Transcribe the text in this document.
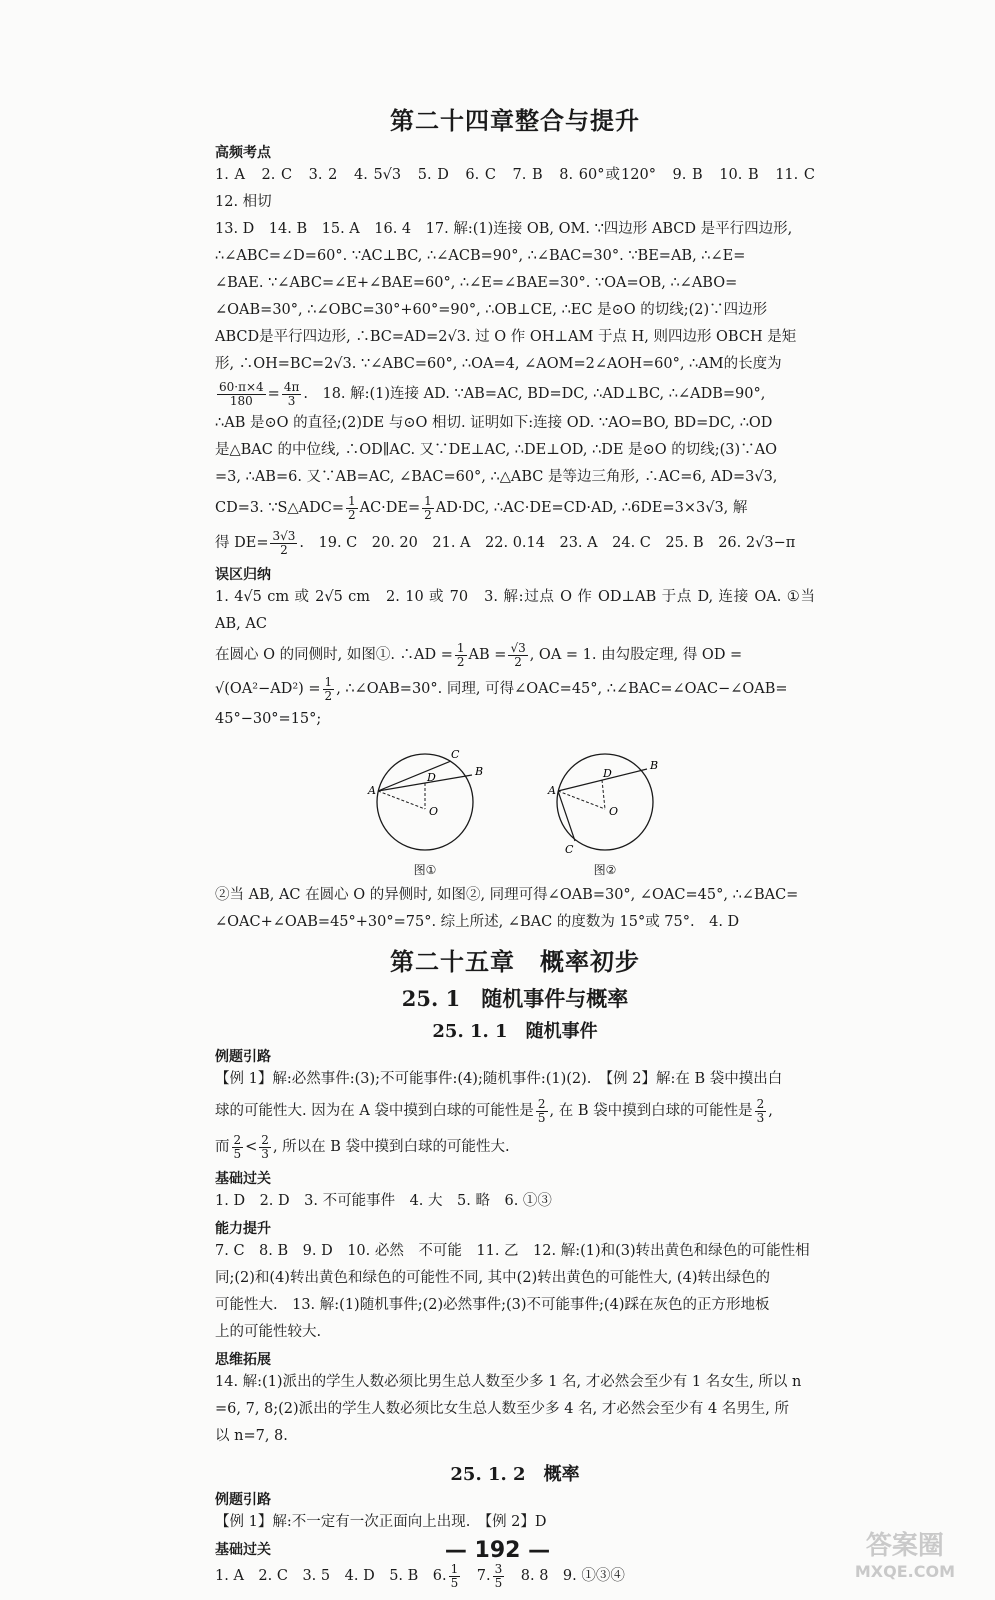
第二十四章整合与提升
高频考点

1. A　2. C　3. 2　4. 5√3　5. D　6. C　7. B　8. 60°或120°　9. B　10. B　11. C　12. 相切

13. D　14. B　15. A　16. 4　17. 解:(1)连接 OB, OM. ∵四边形 ABCD 是平行四边形,

∴∠ABC=∠D=60°. ∵AC⊥BC, ∴∠ACB=90°, ∴∠BAC=30°. ∵BE=AB, ∴∠E=

∠BAE. ∵∠ABC=∠E+∠BAE=60°, ∴∠E=∠BAE=30°. ∵OA=OB, ∴∠ABO=

∠OAB=30°, ∴∠OBC=30°+60°=90°, ∴OB⊥CE, ∴EC 是⊙O 的切线;(2)∵四边形

ABCD是平行四边形, ∴BC=AD=2√3. 过 O 作 OH⊥AM 于点 H, 则四边形 OBCH 是矩

形, ∴OH=BC=2√3. ∵∠ABC=60°, ∴OA=4, ∠AOM=2∠AOH=60°, ∴AM的长度为

$\frac{60\cdot\pi\times 4}{180} = \frac{4\pi}{3}$ .　18. 解:(1)连接 AD. ∵AB=AC, BD=DC, ∴AD⊥BC, ∴∠ADB=90°,

∴AB 是⊙O 的直径;(2)DE 与⊙O 相切. 证明如下:连接 OD. ∵AO=BO, BD=DC, ∴OD

是△BAC 的中位线, ∴OD∥AC. 又∵DE⊥AC, ∴DE⊥OD, ∴DE 是⊙O 的切线;(3)∵AO

=3, ∴AB=6. 又∵AB=AC, ∠BAC=60°, ∴△ABC 是等边三角形, ∴AC=6, AD=3√3,

CD=3. ∵S△ADC= $\frac{1}{2} AC\cdot DE= \frac{1}{2} AD\cdot DC$, ∴AC·DE=CD·AD, ∴6DE=3×3√3, 解

得 $DE= \frac{3√3}{2}$ .　19. C　20. 20　21. A　22. 0.14　23. A　24. C　25. B　26. 2√3−π

误区归纳

1. 4√5 cm 或 2√5 cm　2. 10 或 70　3. 解:过点 O 作 OD⊥AB 于点 D, 连接 OA. ①当 AB, AC

在圆心 O 的同侧时, 如图①. ∴AD = $\frac{1}{2}$ AB = $\frac{√3}{2}$ , OA = 1. 由勾股定理, 得 OD =

$√(OA^2-AD^2) = \frac{1}{2}$ , ∴∠OAB=30°. 同理, 可得∠OAC=45°, ∴∠BAC=∠OAC−∠OAB=

45°−30°=15°;

A
B
C
D
O
图①
A
B
C
D
O
图②

②当 AB, AC 在圆心 O 的异侧时, 如图②, 同理可得∠OAB=30°, ∠OAC=45°, ∴∠BAC=

∠OAC+∠OAB=45°+30°=75°. 综上所述, ∠BAC 的度数为 15°或 75°.　4. D

第二十五章　概率初步
25. 1　随机事件与概率
25. 1. 1　随机事件
例题引路

【例 1】解:必然事件:(3);不可能事件:(4);随机事件:(1)(2).　【例 2】解:在 B 袋中摸出白

球的可能性大. 因为在 A 袋中摸到白球的可能性是 $\frac{2}{5}$ , 在 B 袋中摸到白球的可能性是 $\frac{2}{3}$ ,

而 $\frac{2}{5} < \frac{2}{3}$ , 所以在 B 袋中摸到白球的可能性大.

基础过关

1. D　2. D　3. 不可能事件　4. 大　5. 略　6. ①③

能力提升

7. C　8. B　9. D　10. 必然　不可能　11. 乙　12. 解:(1)和(3)转出黄色和绿色的可能性相

同;(2)和(4)转出黄色和绿色的可能性不同, 其中(2)转出黄色的可能性大, (4)转出绿色的

可能性大.　13. 解:(1)随机事件;(2)必然事件;(3)不可能事件;(4)踩在灰色的正方形地板

上的可能性较大.

思维拓展

14. 解:(1)派出的学生人数必须比男生总人数至少多 1 名, 才必然会至少有 1 名女生, 所以 n

=6, 7, 8;(2)派出的学生人数必须比女生总人数至少多 4 名, 才必然会至少有 4 名男生, 所

以 n=7, 8.

25. 1. 2　概率
例题引路

【例 1】解:不一定有一次正面向上出现.　【例 2】D

基础过关

1. A　2. C　3. 5　4. D　5. B　6. $\frac{1}{5}$ 　7. $\frac{3}{5}$ 　8. 8　9. ①③④

— 192 —	答案圈
MXQE.COM
